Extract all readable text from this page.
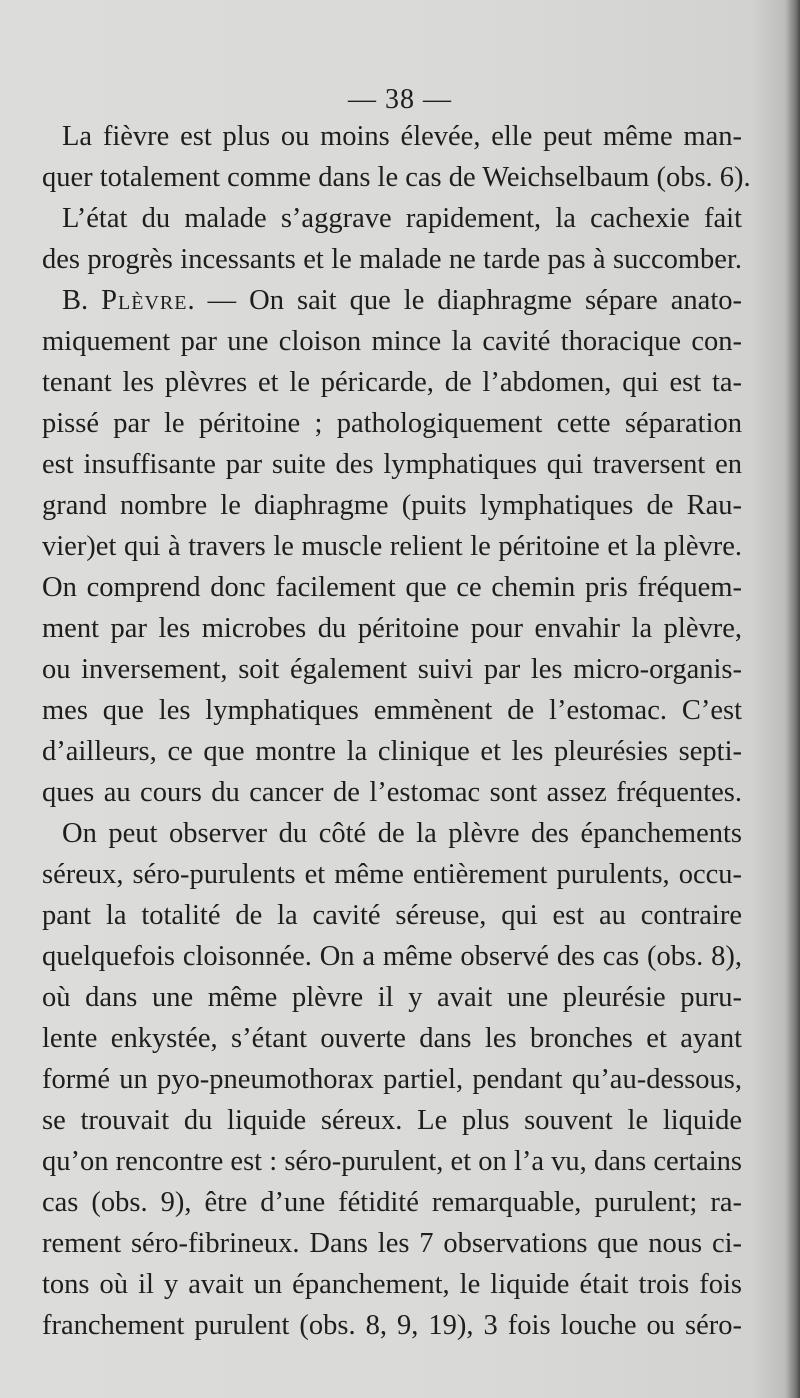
— 38 —
La fièvre est plus ou moins élevée, elle peut même man-
quer totalement comme dans le cas de Weichselbaum (obs. 6).
L’état du malade s’aggrave rapidement, la cachexie fait
des progrès incessants et le malade ne tarde pas à succomber.
B. Plèvre. — On sait que le diaphragme sépare anato-
miquement par une cloison mince la cavité thoracique con-
tenant les plèvres et le péricarde, de l’abdomen, qui est ta-
pissé par le péritoine ; pathologiquement cette séparation
est insuffisante par suite des lymphatiques qui traversent en
grand nombre le diaphragme (puits lymphatiques de Rau-
vier)et qui à travers le muscle relient le péritoine et la plèvre.
On comprend donc facilement que ce chemin pris fréquem-
ment par les microbes du péritoine pour envahir la plèvre,
ou inversement, soit également suivi par les micro-organis-
mes que les lymphatiques emmènent de l’estomac. C’est
d’ailleurs, ce que montre la clinique et les pleurésies septi-
ques au cours du cancer de l’estomac sont assez fréquentes.
On peut observer du côté de la plèvre des épanchements
séreux, séro-purulents et même entièrement purulents, occu-
pant la totalité de la cavité séreuse, qui est au contraire
quelquefois cloisonnée. On a même observé des cas (obs. 8),
où dans une même plèvre il y avait une pleurésie puru-
lente enkystée, s’étant ouverte dans les bronches et ayant
formé un pyo-pneumothorax partiel, pendant qu’au-dessous,
se trouvait du liquide séreux. Le plus souvent le liquide
qu’on rencontre est : séro-purulent, et on l’a vu, dans certains
cas (obs. 9), être d’une fétidité remarquable, purulent; ra-
rement séro-fibrineux. Dans les 7 observations que nous ci-
tons où il y avait un épanchement, le liquide était trois fois
franchement purulent (obs. 8, 9, 19), 3 fois louche ou séro-
